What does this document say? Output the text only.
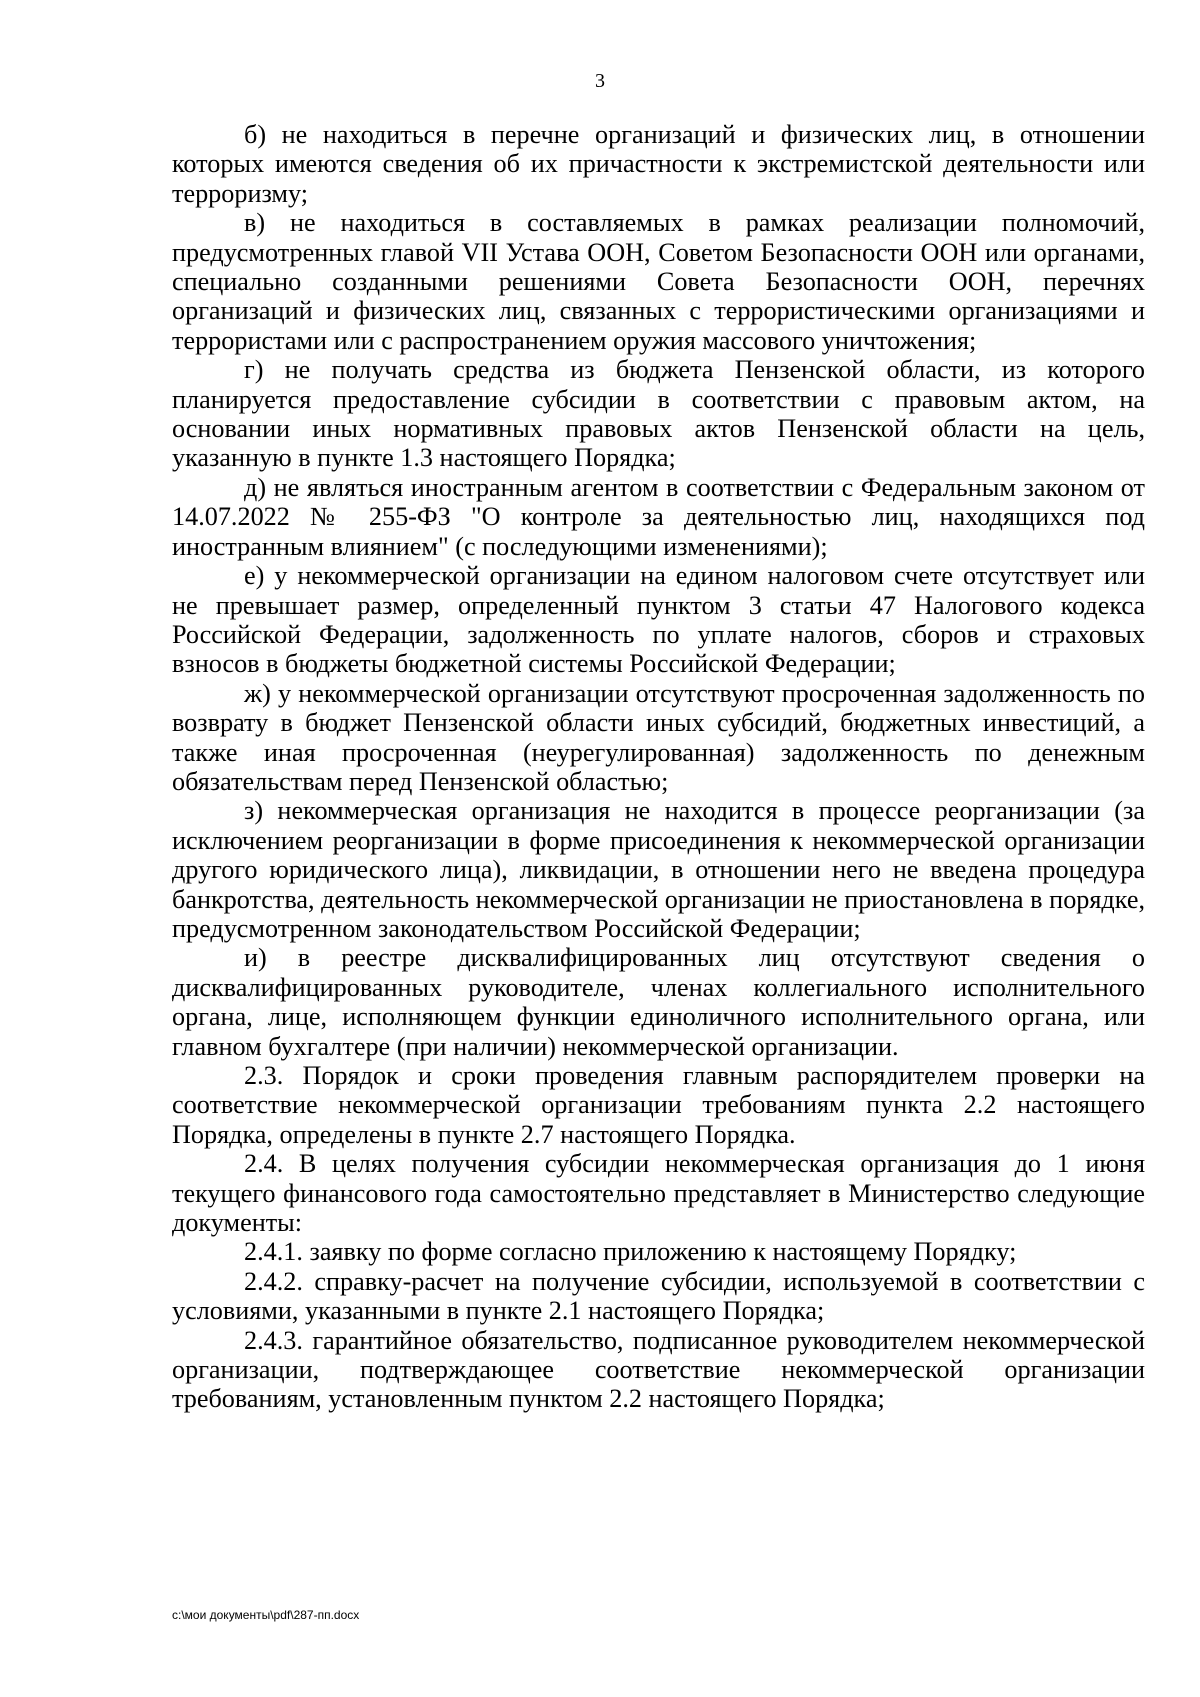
3

б) не находиться в перечне организаций и физических лиц, в отношении которых имеются сведения об их причастности к экстремистской деятельности или терроризму;

в) не находиться в составляемых в рамках реализации полномочий, предусмотренных главой VII Устава ООН, Советом Безопасности ООН или органами, специально созданными решениями Совета Безопасности ООН, перечнях организаций и физических лиц, связанных с террористическими организациями и террористами или с распространением оружия массового уничтожения;

г) не получать средства из бюджета Пензенской области, из которого планируется предоставление субсидии в соответствии с правовым актом, на основании иных нормативных правовых актов Пензенской области на цель, указанную в пункте 1.3 настоящего Порядка;

д) не являться иностранным агентом в соответствии с Федеральным законом от 14.07.2022 № 255-ФЗ "О контроле за деятельностью лиц, находящихся под иностранным влиянием" (с последующими изменениями);

е) у некоммерческой организации на едином налоговом счете отсутствует или не превышает размер, определенный пунктом 3 статьи 47 Налогового кодекса Российской Федерации, задолженность по уплате налогов, сборов и страховых взносов в бюджеты бюджетной системы Российской Федерации;

ж) у некоммерческой организации отсутствуют просроченная задолженность по возврату в бюджет Пензенской области иных субсидий, бюджетных инвестиций, а также иная просроченная (неурегулированная) задолженность по денежным обязательствам перед Пензенской областью;

з) некоммерческая организация не находится в процессе реорганизации (за исключением реорганизации в форме присоединения к некоммерческой организации другого юридического лица), ликвидации, в отношении него не введена процедура банкротства, деятельность некоммерческой организации не приостановлена в порядке, предусмотренном законодательством Российской Федерации;

и) в реестре дисквалифицированных лиц отсутствуют сведения о дисквалифицированных руководителе, членах коллегиального исполнительного органа, лице, исполняющем функции единоличного исполнительного органа, или главном бухгалтере (при наличии) некоммерческой организации.

2.3. Порядок и сроки проведения главным распорядителем проверки на соответствие некоммерческой организации требованиям пункта 2.2 настоящего Порядка, определены в пункте 2.7 настоящего Порядка.

2.4. В целях получения субсидии некоммерческая организация до 1 июня текущего финансового года самостоятельно представляет в Министерство следующие документы:

2.4.1. заявку по форме согласно приложению к настоящему Порядку;

2.4.2. справку-расчет на получение субсидии, используемой в соответствии с условиями, указанными в пункте 2.1 настоящего Порядка;

2.4.3. гарантийное обязательство, подписанное руководителем некоммерческой организации, подтверждающее соответствие некоммерческой организации требованиям, установленным пунктом 2.2 настоящего Порядка;

c:\мои документы\pdf\287-пп.docx
